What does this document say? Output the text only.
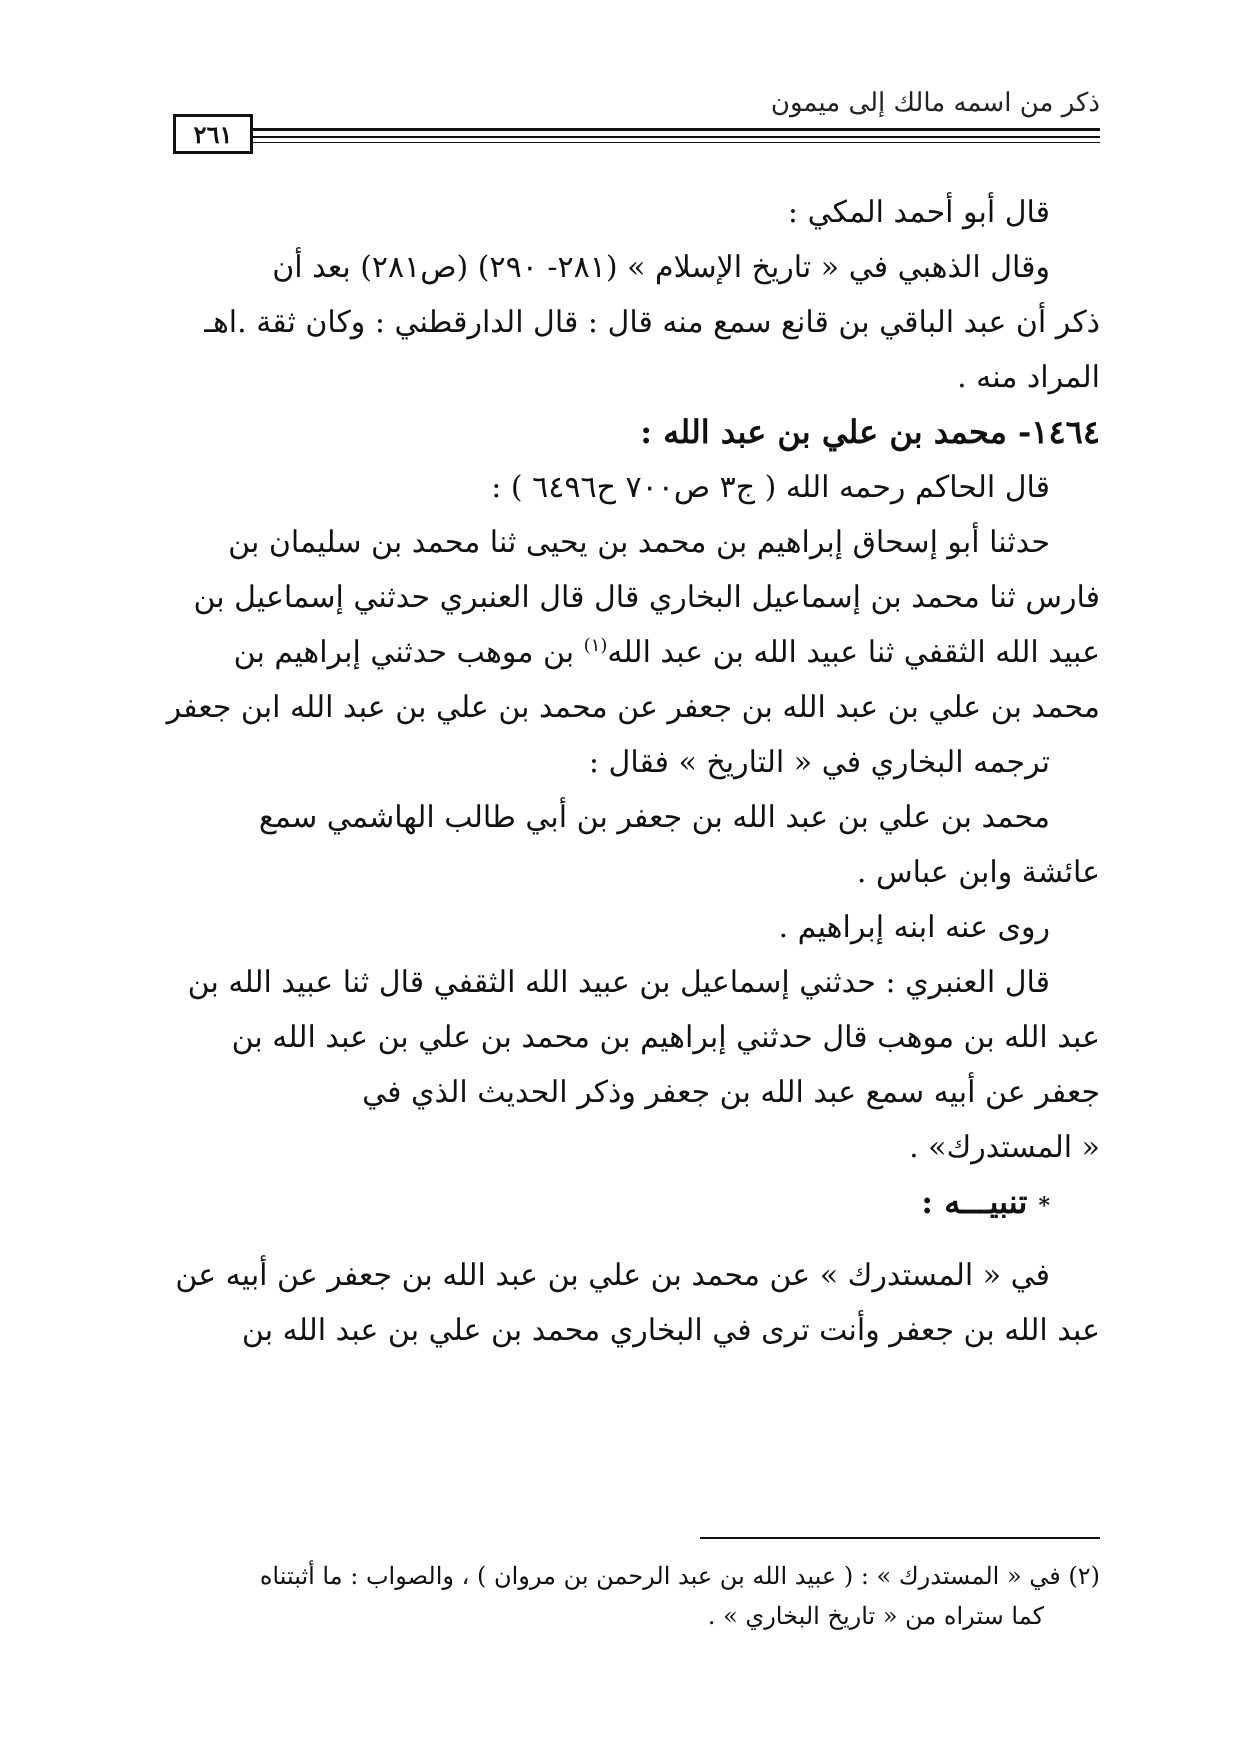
ذكر من اسمه مالك إلى ميمون
٢٦١
قال أبو أحمد المكي :
وقال الذهبي في « تاريخ الإسلام » (٢٨١- ٢٩٠) (ص٢٨١) بعد أن
ذكر أن عبد الباقي بن قانع سمع منه قال : قال الدارقطني : وكان ثقة .اهـ
المراد منه .
١٤٦٤- محمد بن علي بن عبد الله :
قال الحاكم رحمه الله ( ج٣ ص٧٠٠ ح٦٤٩٦ ) :
حدثنا أبو إسحاق إبراهيم بن محمد بن يحيى ثنا محمد بن سليمان بن
فارس ثنا محمد بن إسماعيل البخاري قال قال العنبري حدثني إسماعيل بن
عبيد الله الثقفي ثنا عبيد الله بن عبد الله$^{(١)}$ بن موهب حدثني إبراهيم بن
محمد بن علي بن عبد الله بن جعفر عن محمد بن علي بن عبد الله ابن جعفر
ترجمه البخاري في « التاريخ » فقال :
محمد بن علي بن عبد الله بن جعفر بن أبي طالب الهاشمي سمع
عائشة وابن عباس .
روى عنه ابنه إبراهيم .
قال العنبري : حدثني إسماعيل بن عبيد الله الثقفي قال ثنا عبيد الله بن
عبد الله بن موهب قال حدثني إبراهيم بن محمد بن علي بن عبد الله بن
جعفر عن أبيه سمع عبد الله بن جعفر وذكر الحديث الذي في
« المستدرك» .
* تنبيـــه :
في « المستدرك » عن محمد بن علي بن عبد الله بن جعفر عن أبيه عن
عبد الله بن جعفر وأنت ترى في البخاري محمد بن علي بن عبد الله بن
(٢) في « المستدرك » : ( عبيد الله بن عبد الرحمن بن مروان ) ، والصواب : ما أثبتناه
كما ستراه من « تاريخ البخاري » .
